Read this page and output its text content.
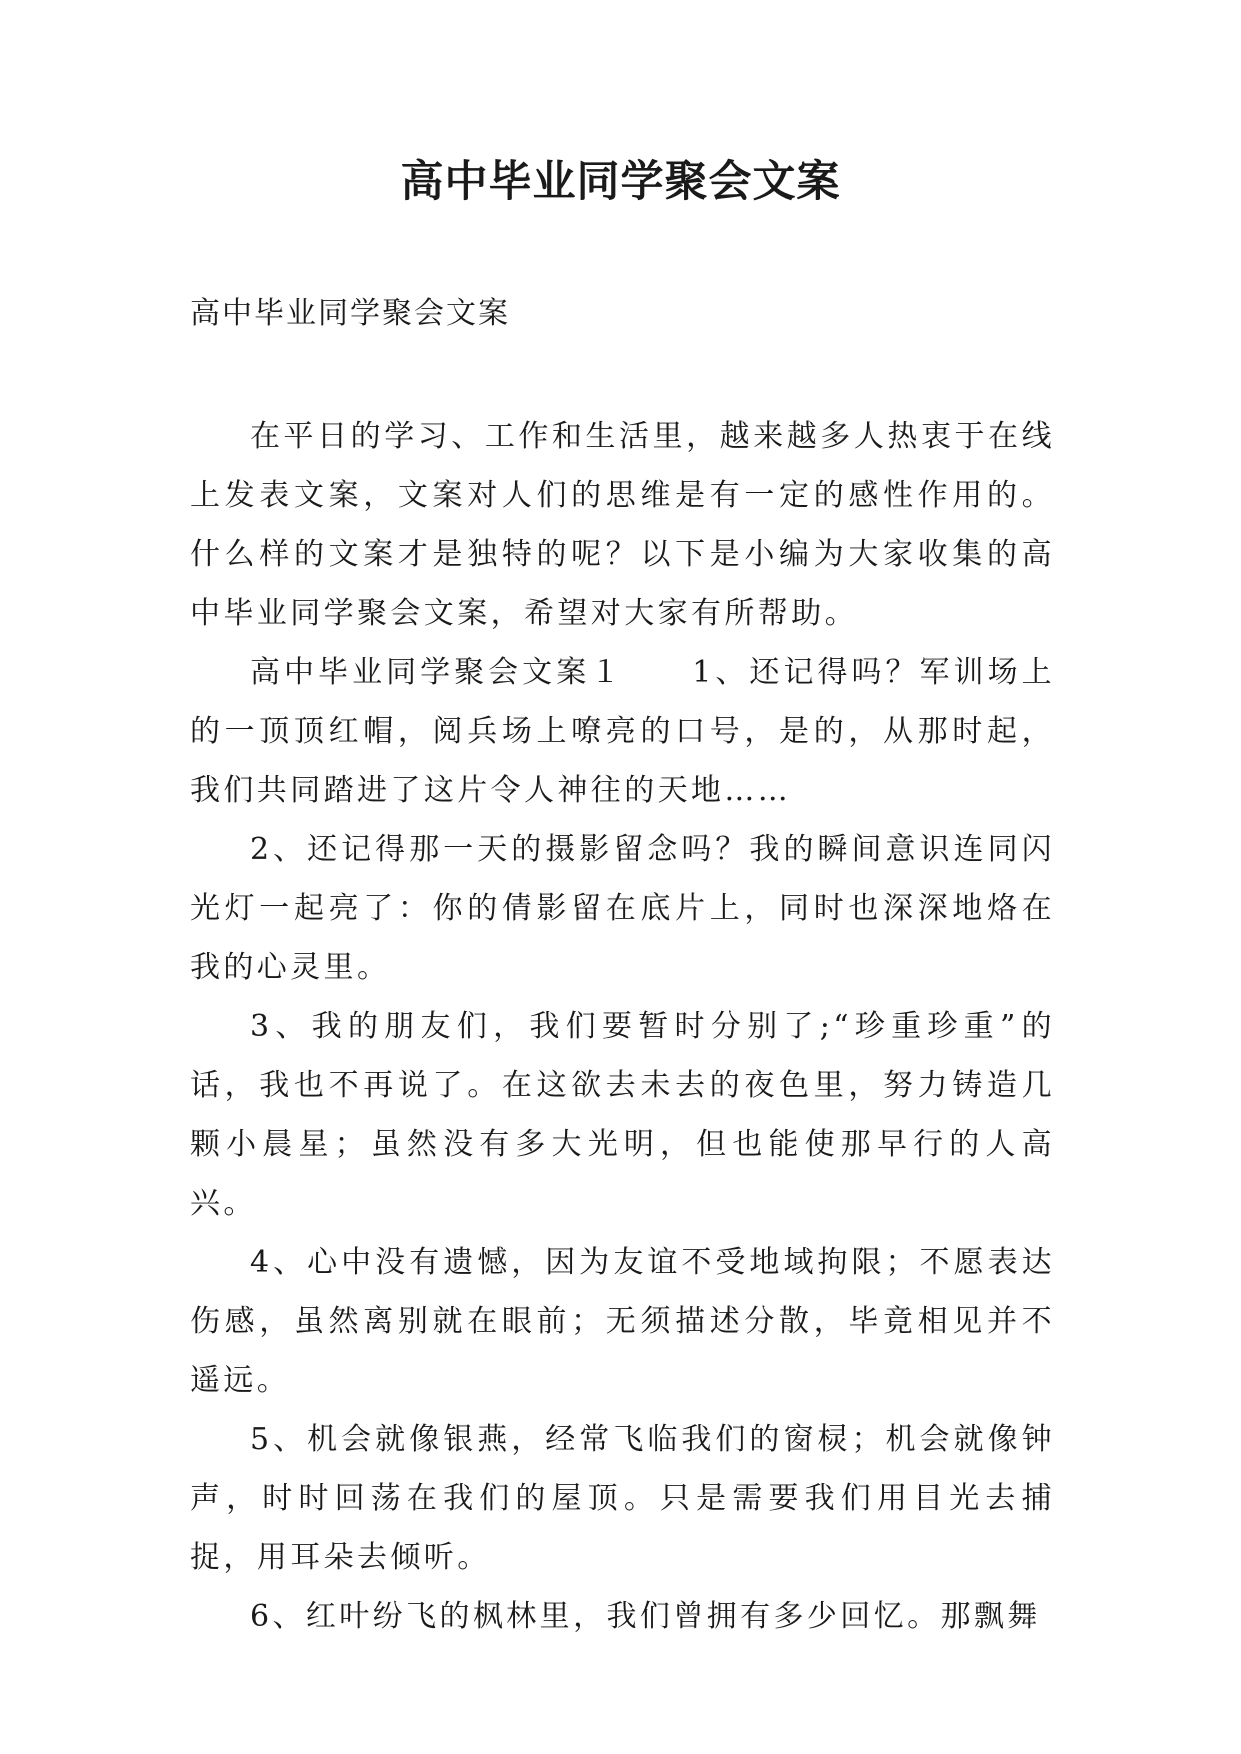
高中毕业同学聚会文案

高中毕业同学聚会文案

在平日的学习、工作和生活里，越来越多人热衷于在线上发表文案，文案对人们的思维是有一定的感性作用的。什么样的文案才是独特的呢？以下是小编为大家收集的高中毕业同学聚会文案，希望对大家有所帮助。

高中毕业同学聚会文案１　　1、还记得吗？军训场上的一顶顶红帽，阅兵场上嘹亮的口号，是的，从那时起，我们共同踏进了这片令人神往的天地……

2、还记得那一天的摄影留念吗？我的瞬间意识连同闪光灯一起亮了：你的倩影留在底片上，同时也深深地烙在我的心灵里。

3、我的朋友们，我们要暂时分别了;“珍重珍重”的话，我也不再说了。在这欲去未去的夜色里，努力铸造几颗小晨星；虽然没有多大光明，但也能使那早行的人高兴。

4、心中没有遗憾，因为友谊不受地域拘限；不愿表达伤感，虽然离别就在眼前；无须描述分散，毕竟相见并不遥远。

5、机会就像银燕，经常飞临我们的窗棂；机会就像钟声，时时回荡在我们的屋顶。只是需要我们用目光去捕捉，用耳朵去倾听。

6、红叶纷飞的枫林里，我们曾拥有多少回忆。那飘舞
